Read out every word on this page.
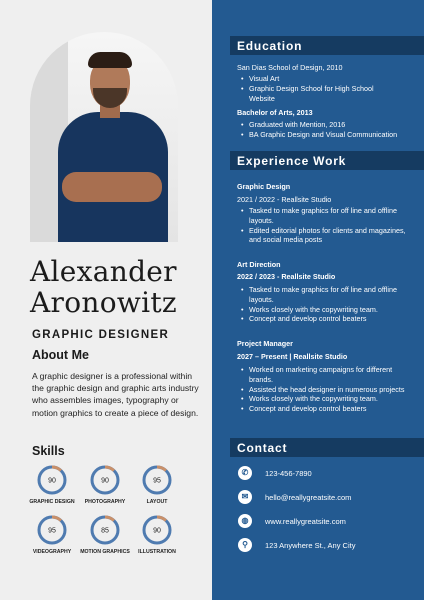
Alexander
Aronowitz
GRAPHIC DESIGNER
About Me
A graphic designer is a professional within the graphic design and graphic arts industry who assembles images, typography or motion graphics to create a piece of design.
Skills
90
GRAPHIC DESIGN
90
PHOTOGRAPHY
95
LAYOUT
95
VIDEOGRAPHY
85
MOTION GRAPHICS
90
ILLUSTRATION
Education
San Dias School of Design, 2010
• Visual Art
• Graphic Design School for High School Website
Bachelor of Arts, 2013
• Graduated with Mention, 2016
• BA Graphic Design and Visual Communication
Experience Work
Graphic Design
2021 / 2022 - Reallsite Studio
• Tasked to make graphics for off line and offline layouts.
• Edited editorial photos for clients and magazines, and social media posts
Art Direction
2022 / 2023 - Reallsite Studio
• Tasked to make graphics for off line and offline layouts.
• Works closely with the copywriting team.
• Concept and develop control beaters
Project Manager
2027 – Present | Reallsite Studio
• Worked on marketing campaigns for different brands.
• Assisted the head designer in numerous projects
• Works closely with the copywriting team.
• Concept and develop control beaters
Contact
✆	123-456-7890
✉	hello@reallygreatsite.com
◍	www.reallygreatsite.com
⚲	123 Anywhere St., Any City
